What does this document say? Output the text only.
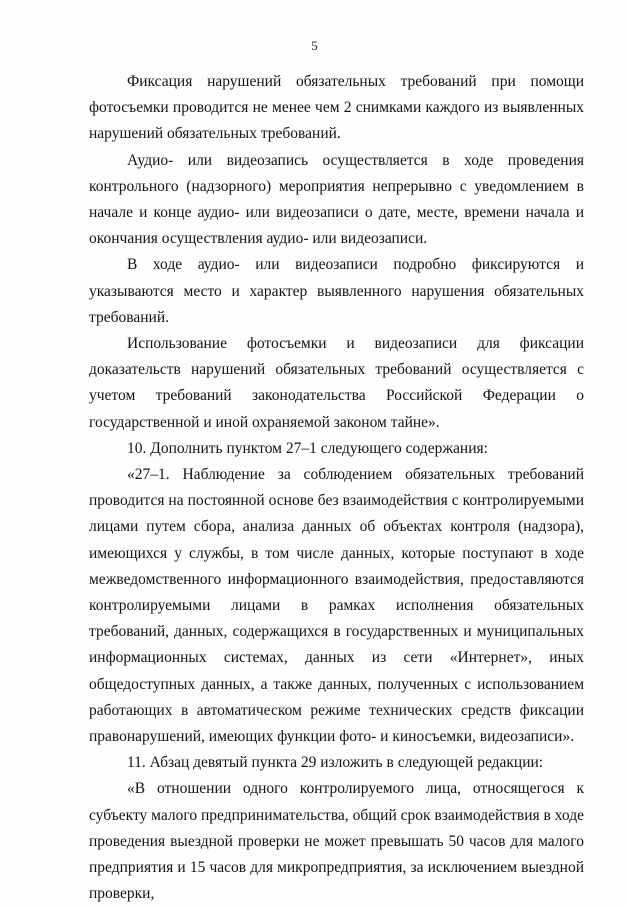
5

Фиксация нарушений обязательных требований при помощи фотосъемки проводится не менее чем 2 снимками каждого из выявленных нарушений обязательных требований.

Аудио- или видеозапись осуществляется в ходе проведения контрольного (надзорного) мероприятия непрерывно с уведомлением в начале и конце аудио- или видеозаписи о дате, месте, времени начала и окончания осуществления аудио- или видеозаписи.

В ходе аудио- или видеозаписи подробно фиксируются и указываются место и характер выявленного нарушения обязательных требований.

Использование фотосъемки и видеозаписи для фиксации доказательств нарушений обязательных требований осуществляется с учетом требований законодательства Российской Федерации о государственной и иной охраняемой законом тайне».

10. Дополнить пунктом 27–1 следующего содержания:

«27–1. Наблюдение за соблюдением обязательных требований проводится на постоянной основе без взаимодействия с контролируемыми лицами путем сбора, анализа данных об объектах контроля (надзора), имеющихся у службы, в том числе данных, которые поступают в ходе межведомственного информационного взаимодействия, предоставляются контролируемыми лицами в рамках исполнения обязательных требований, данных, содержащихся в государственных и муниципальных информационных системах, данных из сети «Интернет», иных общедоступных данных, а также данных, полученных с использованием работающих в автоматическом режиме технических средств фиксации правонарушений, имеющих функции фото- и киносъемки, видеозаписи».

11. Абзац девятый пункта 29 изложить в следующей редакции:

«В отношении одного контролируемого лица, относящегося к субъекту малого предпринимательства, общий срок взаимодействия в ходе проведения выездной проверки не может превышать 50 часов для малого предприятия и 15 часов для микропредприятия, за исключением выездной проверки,
